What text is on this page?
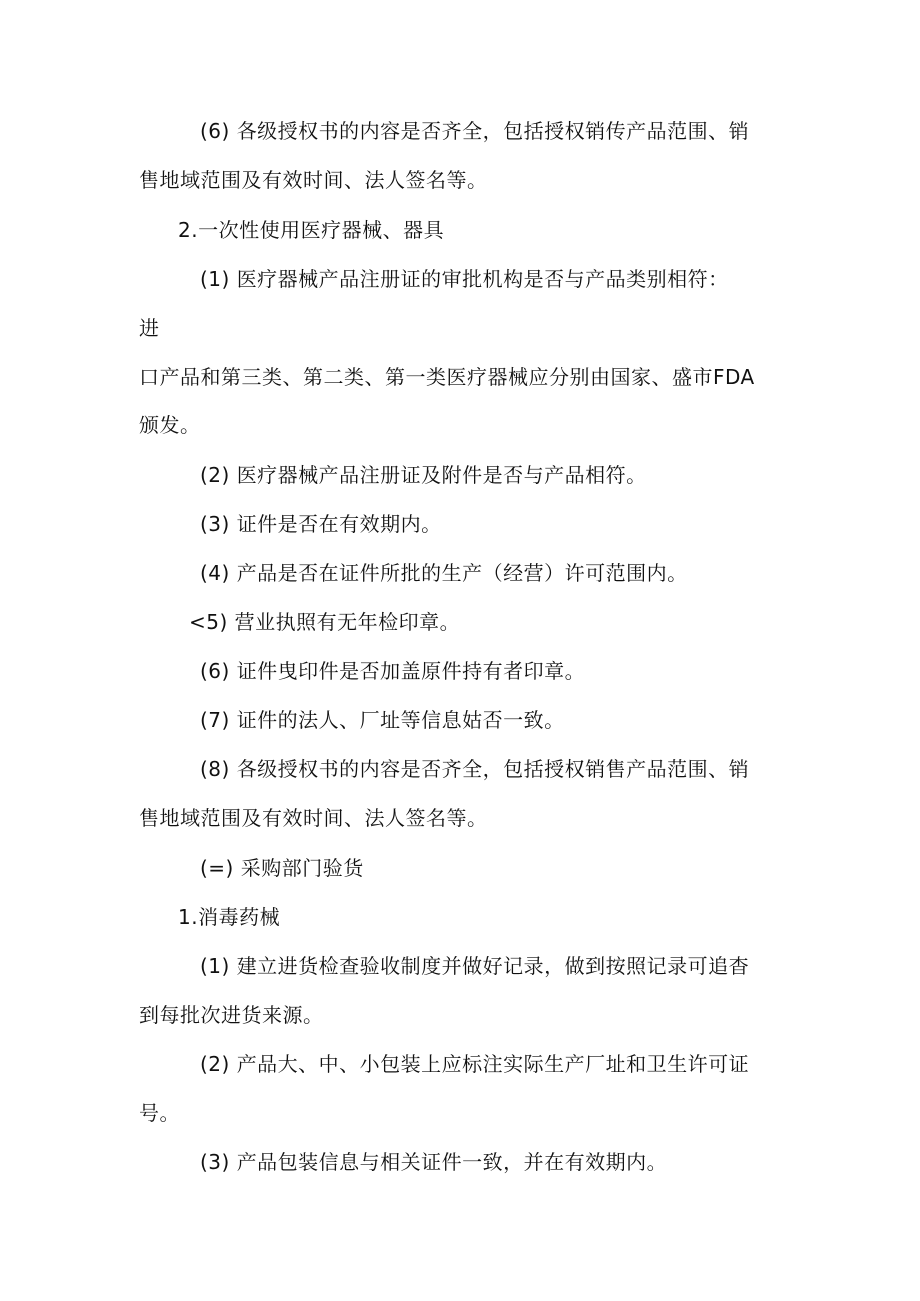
(6) 各级授权书的内容是否齐全，包括授权销传产品范围、销
售地域范围及有效时间、法人签名等。
2.一次性使用医疗器械、器具
(1) 医疗器械产品注册证的审批机构是否与产品类别相符：
进
口产品和第三类、第二类、第一类医疗器械应分别由国家、盛市FDA
颁发。
(2) 医疗器械产品注册证及附件是否与产品相符。
(3) 证件是否在有效期内。
(4) 产品是否在证件所批的生产（经营）许可范围内。
<5) 营业执照有无年检印章。
(6) 证件曳印件是否加盖原件持有者印章。
(7) 证件的法人、厂址等信息姑否一致。
(8) 各级授权书的内容是否齐全，包括授权销售产品范围、销
售地域范围及有效时间、法人签名等。
(=) 采购部门验货
1.消毒药械
(1) 建立进货检查验收制度并做好记录，做到按照记录可追杳
到每批次进货来源。
(2) 产品大、中、小包装上应标注实际生产厂址和卫生许可证
号。
(3) 产品包装信息与相关证件一致，并在有效期内。
